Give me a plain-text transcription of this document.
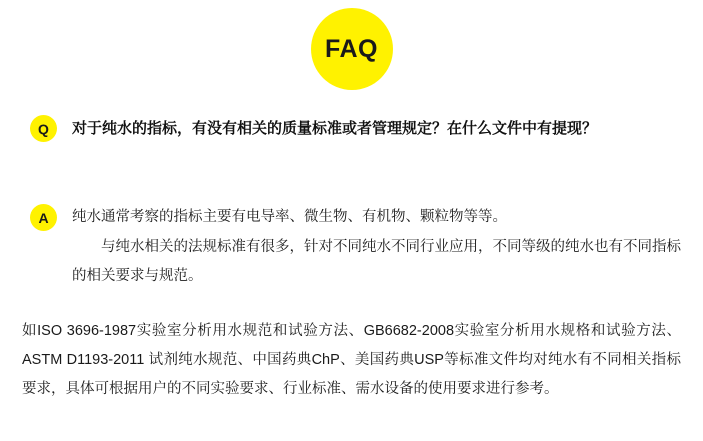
FAQ
Q 对于纯水的指标，有没有相关的质量标准或者管理规定？在什么文件中有提现？
A 纯水通常考察的指标主要有电导率、微生物、有机物、颗粒物等等。

与纯水相关的法规标准有很多，针对不同纯水不同行业应用，不同等级的纯水也有不同指标的相关要求与规范。

如ISO 3696-1987实验室分析用水规范和试验方法、GB6682-2008实验室分析用水规格和试验方法、ASTM D1193-2011 试剂纯水规范、中国药典ChP、美国药典USP等标准文件均对纯水有不同相关指标要求，具体可根据用户的不同实验要求、行业标准、需水设备的使用要求进行参考。
